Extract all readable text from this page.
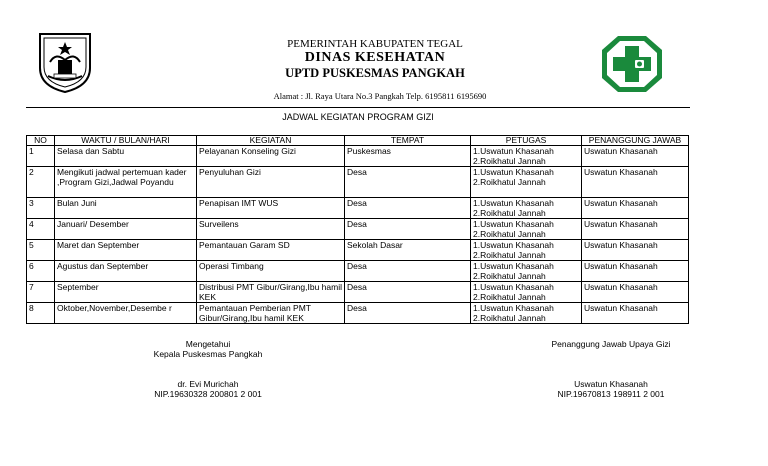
PEMERINTAH KABUPATEN TEGAL
DINAS KESEHATAN
UPTD PUSKESMAS PANGKAH
Alamat : Jl. Raya Utara No.3 Pangkah Telp. 6195811 6195690
JADWAL KEGIATAN PROGRAM GIZI
NO	WAKTU / BULAN/HARI	KEGIATAN	TEMPAT	PETUGAS	PENANGGUNG JAWAB
1	Selasa dan Sabtu	Pelayanan Konseling Gizi	Puskesmas	1.Uswatun Khasanah
2.Roikhatul Jannah	Uswatun Khasanah
2	Mengikuti jadwal pertemuan kader ,Program Gizi,Jadwal Poyandu	Penyuluhan Gizi	Desa	1.Uswatun Khasanah
2.Roikhatul Jannah	Uswatun Khasanah
3	Bulan Juni	Penapisan IMT WUS	Desa	1.Uswatun Khasanah
2.Roikhatul Jannah	Uswatun Khasanah
4	Januari/ Desember	Surveilens	Desa	1.Uswatun Khasanah
2.Roikhatul Jannah	Uswatun Khasanah
5	Maret dan September	Pemantauan Garam SD	Sekolah Dasar	1.Uswatun Khasanah
2.Roikhatul Jannah	Uswatun Khasanah
6	Agustus dan September	Operasi Timbang	Desa	1.Uswatun Khasanah
2.Roikhatul Jannah	Uswatun Khasanah
7	September	Distribusi PMT Gibur/Girang,Ibu hamil KEK	Desa	1.Uswatun Khasanah
2.Roikhatul Jannah	Uswatun Khasanah
8	Oktober,November,Desembe r	Pemantauan Pemberian PMT Gibur/Girang,Ibu hamil KEK	Desa	1.Uswatun Khasanah
2.Roikhatul Jannah	Uswatun Khasanah
Mengetahui
Kepala Puskesmas Pangkah
dr. Evi Murichah
NIP.19630328 200801 2 001
Penanggung Jawab Upaya Gizi
Uswatun Khasanah
NIP.19670813 198911 2 001
